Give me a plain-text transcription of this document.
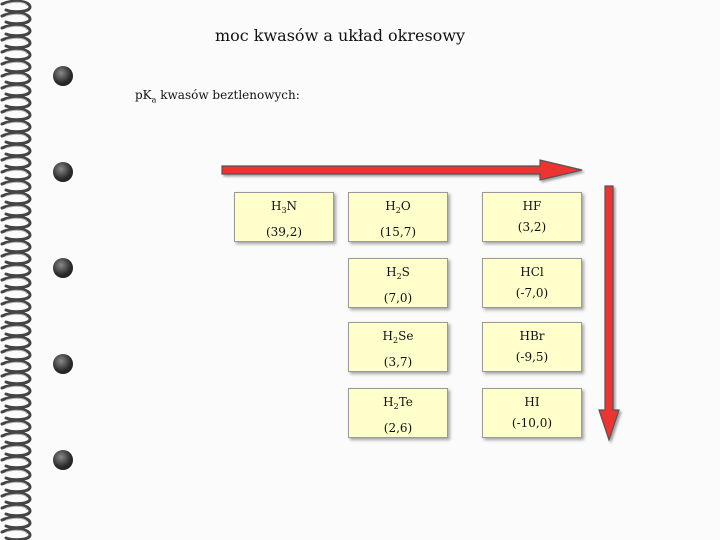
moc kwasów a układ okresowy
$pK_a$ kwasów beztlenowych:
$H_3N$
(39,2)
$H_2O$
(15,7)
HF
(3,2)
$H_2S$
(7,0)
HCl
(-7,0)
$H_2Se$
(3,7)
HBr
(-9,5)
$H_2Te$
(2,6)
HI
(-10,0)
